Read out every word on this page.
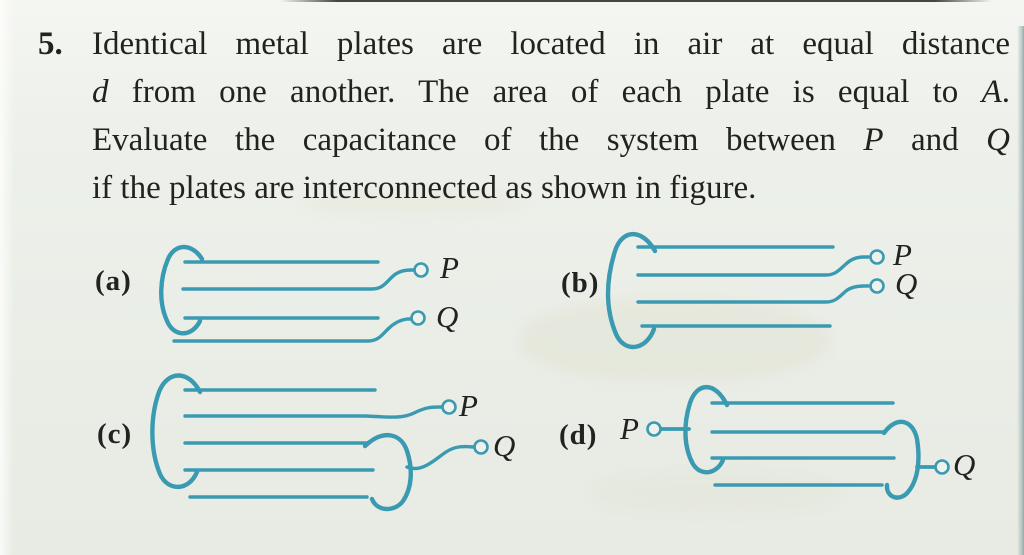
5. Identical metal plates are located in air at equal distance
d from one another. The area of each plate is equal to A.
Evaluate the capacitance of the system between P and Q
if the plates are interconnected as shown in figure.
(a)	(b)
(c)	(d)
P
Q
P
Q
P
Q	P
Q
